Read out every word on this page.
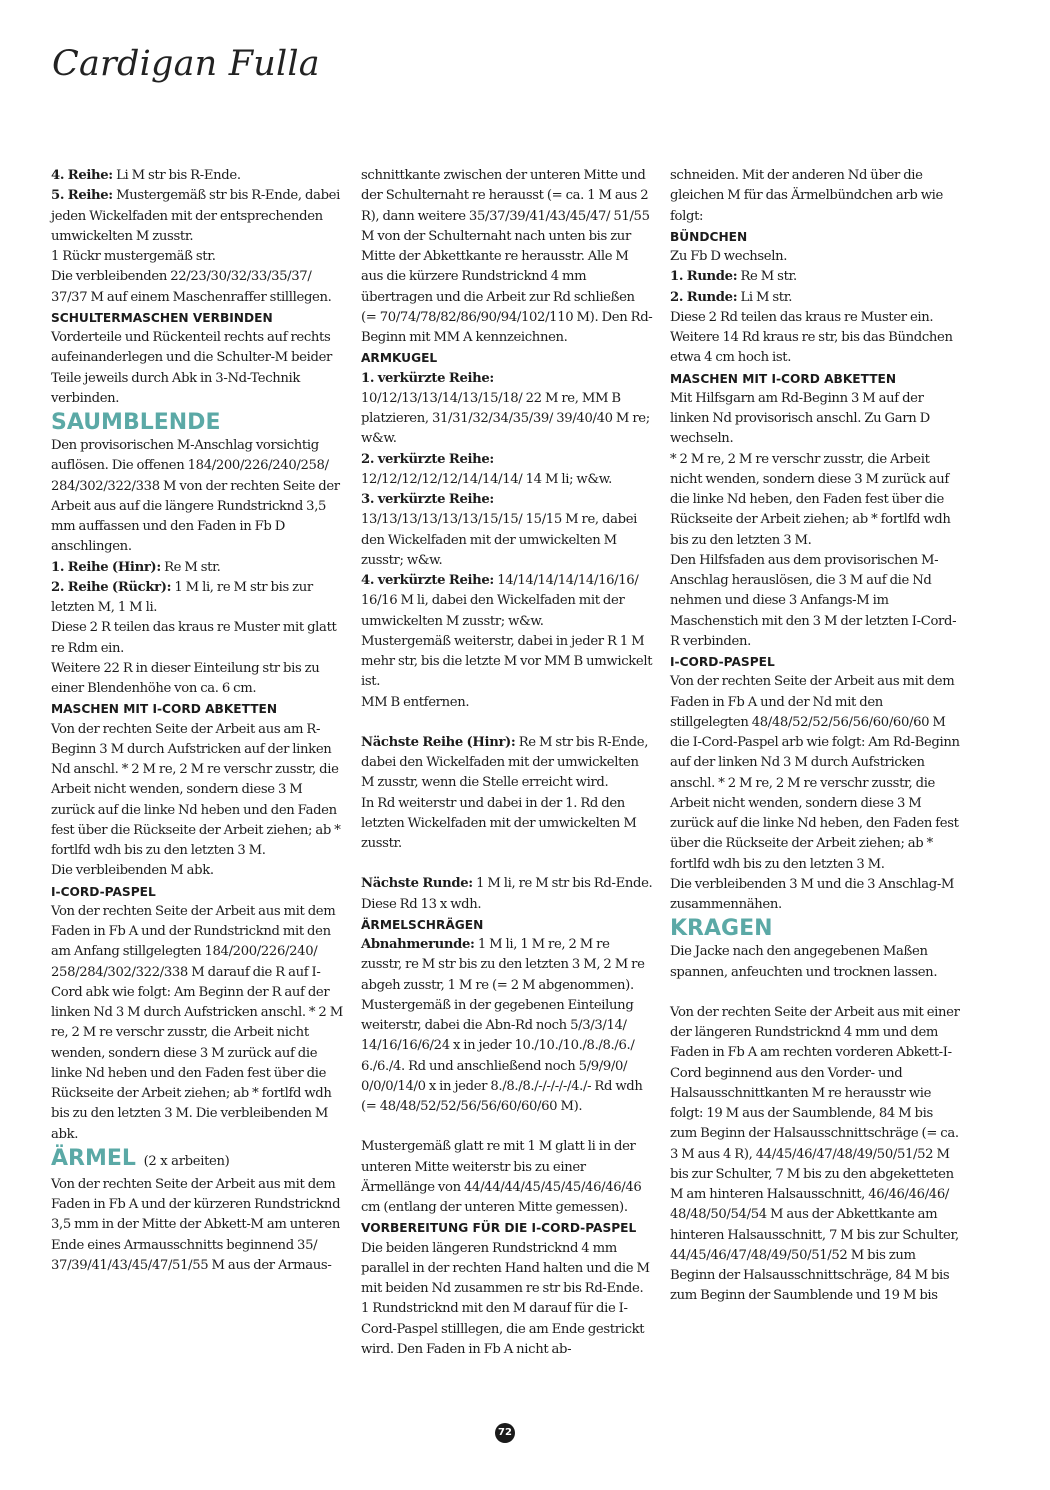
Cardigan Fulla

4. Reihe: Li M str bis R-Ende.

5. Reihe: Mustergemäß str bis R-Ende, dabei jeden Wickelfaden mit der entsprechenden umwickelten M zusstr.

1 Rückr mustergemäß str.

Die verbleibenden 22/23/30/32/33/35/37/ 37/37 M auf einem Maschenraffer stilllegen.

SCHULTERMASCHEN VERBINDEN

Vorderteile und Rückenteil rechts auf rechts aufeinanderlegen und die Schulter-M beider Teile jeweils durch Abk in 3-Nd-Technik verbinden.

SAUMBLENDE

Den provisorischen M-Anschlag vorsichtig auflösen. Die offenen 184/200/226/240/258/ 284/302/322/338 M von der rechten Seite der Arbeit aus auf die längere Rundstricknd 3,5 mm auffassen und den Faden in Fb D anschlingen.

1. Reihe (Hinr): Re M str.

2. Reihe (Rückr): 1 M li, re M str bis zur letzten M, 1 M li.

Diese 2 R teilen das kraus re Muster mit glatt re Rdm ein.

Weitere 22 R in dieser Einteilung str bis zu einer Blendenhöhe von ca. 6 cm.

MASCHEN MIT I-CORD ABKETTEN

Von der rechten Seite der Arbeit aus am R-Beginn 3 M durch Aufstricken auf der linken Nd anschl. * 2 M re, 2 M re verschr zusstr, die Arbeit nicht wenden, sondern diese 3 M zurück auf die linke Nd heben und den Faden fest über die Rückseite der Arbeit ziehen; ab * fortlfd wdh bis zu den letzten 3 M.

Die verbleibenden M abk.

I-CORD-PASPEL

Von der rechten Seite der Arbeit aus mit dem Faden in Fb A und der Rundstricknd mit den am Anfang stillgelegten 184/200/226/240/ 258/284/302/322/338 M darauf die R auf I-Cord abk wie folgt: Am Beginn der R auf der linken Nd 3 M durch Aufstricken anschl. * 2 M re, 2 M re verschr zusstr, die Arbeit nicht wenden, sondern diese 3 M zurück auf die linke Nd heben und den Faden fest über die Rückseite der Arbeit ziehen; ab * fortlfd wdh bis zu den letzten 3 M. Die verbleibenden M abk.

ÄRMEL (2 x arbeiten)

Von der rechten Seite der Arbeit aus mit dem Faden in Fb A und der kürzeren Rundstricknd 3,5 mm in der Mitte der Abkett-M am unteren Ende eines Armausschnitts beginnend 35/ 37/39/41/43/45/47/51/55 M aus der Armaus-

schnittkante zwischen der unteren Mitte und der Schulternaht re herausst (= ca. 1 M aus 2 R), dann weitere 35/37/39/41/43/45/47/ 51/55 M von der Schulternaht nach unten bis zur Mitte der Abkettkante re herausstr. Alle M aus die kürzere Rundstricknd 4 mm übertragen und die Arbeit zur Rd schließen (= 70/74/78/82/86/90/94/102/110 M). Den Rd-Beginn mit MM A kennzeichnen.

ARMKUGEL

1. verkürzte Reihe: 10/12/13/13/14/13/15/18/ 22 M re, MM B platzieren, 31/31/32/34/35/39/ 39/40/40 M re; w&w.

2. verkürzte Reihe: 12/12/12/12/12/14/14/14/ 14 M li; w&w.

3. verkürzte Reihe: 13/13/13/13/13/13/15/15/ 15/15 M re, dabei den Wickelfaden mit der umwickelten M zusstr; w&w.

4. verkürzte Reihe: 14/14/14/14/14/16/16/ 16/16 M li, dabei den Wickelfaden mit der umwickelten M zusstr; w&w.

Mustergemäß weiterstr, dabei in jeder R 1 M mehr str, bis die letzte M vor MM B umwickelt ist.

MM B entfernen.

Nächste Reihe (Hinr): Re M str bis R-Ende, dabei den Wickelfaden mit der umwickelten M zusstr, wenn die Stelle erreicht wird.

In Rd weiterstr und dabei in der 1. Rd den letzten Wickelfaden mit der umwickelten M zusstr.

Nächste Runde: 1 M li, re M str bis Rd-Ende.

Diese Rd 13 x wdh.

ÄRMELSCHRÄGEN

Abnahmerunde: 1 M li, 1 M re, 2 M re zusstr, re M str bis zu den letzten 3 M, 2 M re abgeh zusstr, 1 M re (= 2 M abgenommen).

Mustergemäß in der gegebenen Einteilung weiterstr, dabei die Abn-Rd noch 5/3/3/14/ 14/16/16/6/24 x in jeder 10./10./10./8./8./6./ 6./6./4. Rd und anschließend noch 5/9/9/0/ 0/0/0/14/0 x in jeder 8./8./8./-/-/-/-/4./- Rd wdh (= 48/48/52/52/56/56/60/60/60 M).

Mustergemäß glatt re mit 1 M glatt li in der unteren Mitte weiterstr bis zu einer Ärmellänge von 44/44/44/45/45/45/46/46/46 cm (entlang der unteren Mitte gemessen).

VORBEREITUNG FÜR DIE I-CORD-PASPEL

Die beiden längeren Rundstricknd 4 mm parallel in der rechten Hand halten und die M mit beiden Nd zusammen re str bis Rd-Ende. 1 Rundstricknd mit den M darauf für die I-Cord-Paspel stilllegen, die am Ende gestrickt wird. Den Faden in Fb A nicht ab-

schneiden. Mit der anderen Nd über die gleichen M für das Ärmelbündchen arb wie folgt:

BÜNDCHEN

Zu Fb D wechseln.

1. Runde: Re M str.

2. Runde: Li M str.

Diese 2 Rd teilen das kraus re Muster ein. Weitere 14 Rd kraus re str, bis das Bündchen etwa 4 cm hoch ist.

MASCHEN MIT I-CORD ABKETTEN

Mit Hilfsgarn am Rd-Beginn 3 M auf der linken Nd provisorisch anschl. Zu Garn D wechseln.

* 2 M re, 2 M re verschr zusstr, die Arbeit nicht wenden, sondern diese 3 M zurück auf die linke Nd heben, den Faden fest über die Rückseite der Arbeit ziehen; ab * fortlfd wdh bis zu den letzten 3 M.

Den Hilfsfaden aus dem provisorischen M-Anschlag herauslösen, die 3 M auf die Nd nehmen und diese 3 Anfangs-M im Maschenstich mit den 3 M der letzten I-Cord-R verbinden.

I-CORD-PASPEL

Von der rechten Seite der Arbeit aus mit dem Faden in Fb A und der Nd mit den stillgelegten 48/48/52/52/56/56/60/60/60 M die I-Cord-Paspel arb wie folgt: Am Rd-Beginn auf der linken Nd 3 M durch Aufstricken anschl. * 2 M re, 2 M re verschr zusstr, die Arbeit nicht wenden, sondern diese 3 M zurück auf die linke Nd heben, den Faden fest über die Rückseite der Arbeit ziehen; ab * fortlfd wdh bis zu den letzten 3 M.

Die verbleibenden 3 M und die 3 Anschlag-M zusammennähen.

KRAGEN

Die Jacke nach den angegebenen Maßen spannen, anfeuchten und trocknen lassen.

Von der rechten Seite der Arbeit aus mit einer der längeren Rundstricknd 4 mm und dem Faden in Fb A am rechten vorderen Abkett-I-Cord beginnend aus den Vorder- und Halsausschnittkanten M re herausstr wie folgt: 19 M aus der Saumblende, 84 M bis zum Beginn der Halsausschnittschräge (= ca. 3 M aus 4 R), 44/45/46/47/48/49/50/51/52 M bis zur Schulter, 7 M bis zu den abgeketteten M am hinteren Halsausschnitt, 46/46/46/46/ 48/48/50/54/54 M aus der Abkettkante am hinteren Halsausschnitt, 7 M bis zur Schulter, 44/45/46/47/48/49/50/51/52 M bis zum Beginn der Halsausschnittschräge, 84 M bis zum Beginn der Saumblende und 19 M bis

72
